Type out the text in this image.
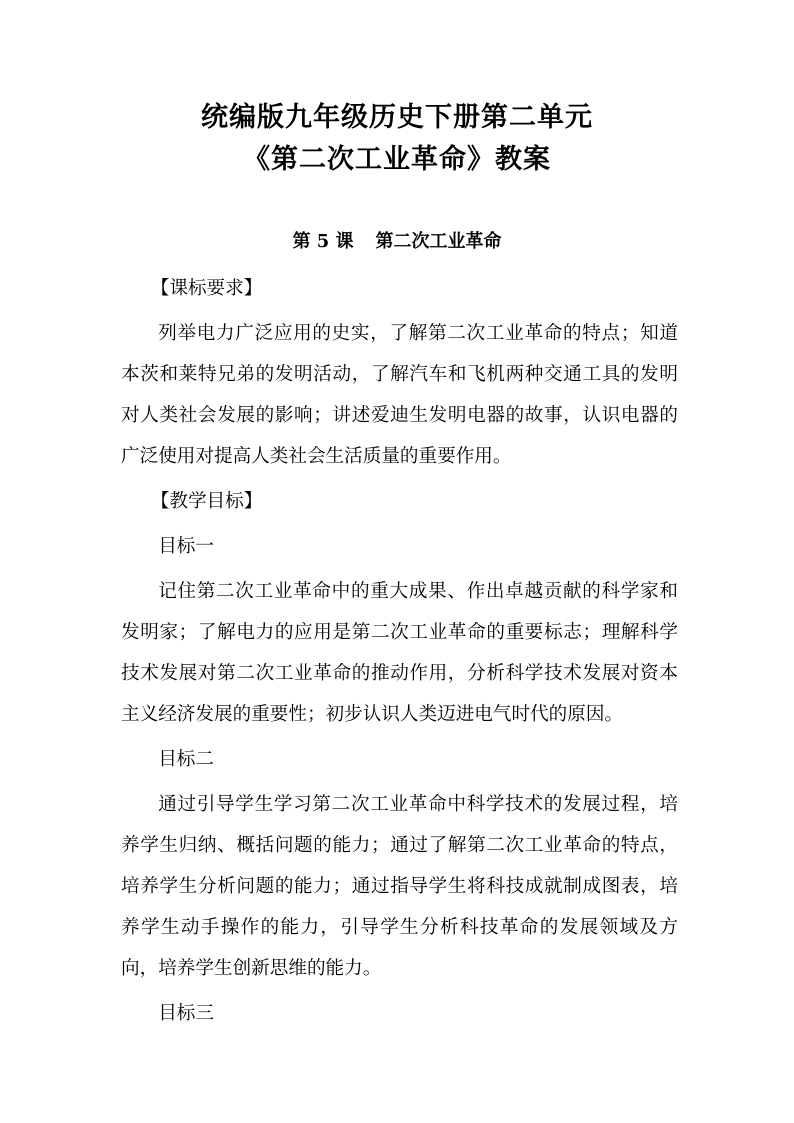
统编版九年级历史下册第二单元
《第二次工业革命》教案
第 5 课 第二次工业革命

【课标要求】

列举电力广泛应用的史实，了解第二次工业革命的特点；知道本茨和莱特兄弟的发明活动，了解汽车和飞机两种交通工具的发明对人类社会发展的影响；讲述爱迪生发明电器的故事，认识电器的广泛使用对提高人类社会生活质量的重要作用。

【教学目标】

目标一

记住第二次工业革命中的重大成果、作出卓越贡献的科学家和发明家；了解电力的应用是第二次工业革命的重要标志；理解科学技术发展对第二次工业革命的推动作用，分析科学技术发展对资本主义经济发展的重要性；初步认识人类迈进电气时代的原因。

目标二

通过引导学生学习第二次工业革命中科学技术的发展过程，培养学生归纳、概括问题的能力；通过了解第二次工业革命的特点，培养学生分析问题的能力；通过指导学生将科技成就制成图表，培养学生动手操作的能力，引导学生分析科技革命的发展领域及方向，培养学生创新思维的能力。

目标三
